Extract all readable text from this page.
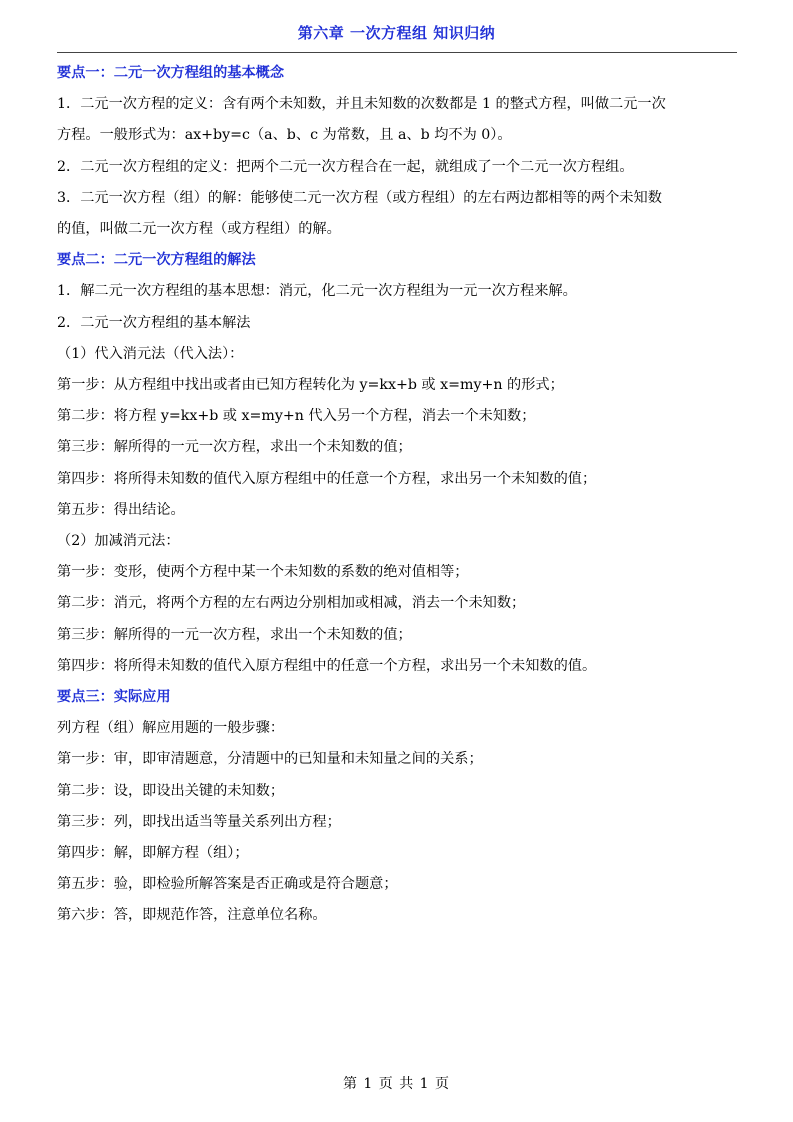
第六章 一次方程组 知识归纳
要点一：二元一次方程组的基本概念
1．二元一次方程的定义：含有两个未知数，并且未知数的次数都是 1 的整式方程，叫做二元一次
方程。一般形式为：ax+by=c（a、b、c 为常数，且 a、b 均不为 0）。
2．二元一次方程组的定义：把两个二元一次方程合在一起，就组成了一个二元一次方程组。
3．二元一次方程（组）的解：能够使二元一次方程（或方程组）的左右两边都相等的两个未知数
的值，叫做二元一次方程（或方程组）的解。
要点二：二元一次方程组的解法
1．解二元一次方程组的基本思想：消元，化二元一次方程组为一元一次方程来解。
2．二元一次方程组的基本解法
（1）代入消元法（代入法）：
第一步：从方程组中找出或者由已知方程转化为 y=kx+b 或 x=my+n 的形式；
第二步：将方程 y=kx+b 或 x=my+n 代入另一个方程，消去一个未知数；
第三步：解所得的一元一次方程，求出一个未知数的值；
第四步：将所得未知数的值代入原方程组中的任意一个方程，求出另一个未知数的值；
第五步：得出结论。
（2）加减消元法：
第一步：变形，使两个方程中某一个未知数的系数的绝对值相等；
第二步：消元，将两个方程的左右两边分别相加或相减，消去一个未知数；
第三步：解所得的一元一次方程，求出一个未知数的值；
第四步：将所得未知数的值代入原方程组中的任意一个方程，求出另一个未知数的值。
要点三：实际应用
列方程（组）解应用题的一般步骤：
第一步：审，即审清题意，分清题中的已知量和未知量之间的关系；
第二步：设，即设出关键的未知数；
第三步：列，即找出适当等量关系列出方程；
第四步：解，即解方程（组）；
第五步：验，即检验所解答案是否正确或是符合题意；
第六步：答，即规范作答，注意单位名称。
第 1 页 共 1 页
